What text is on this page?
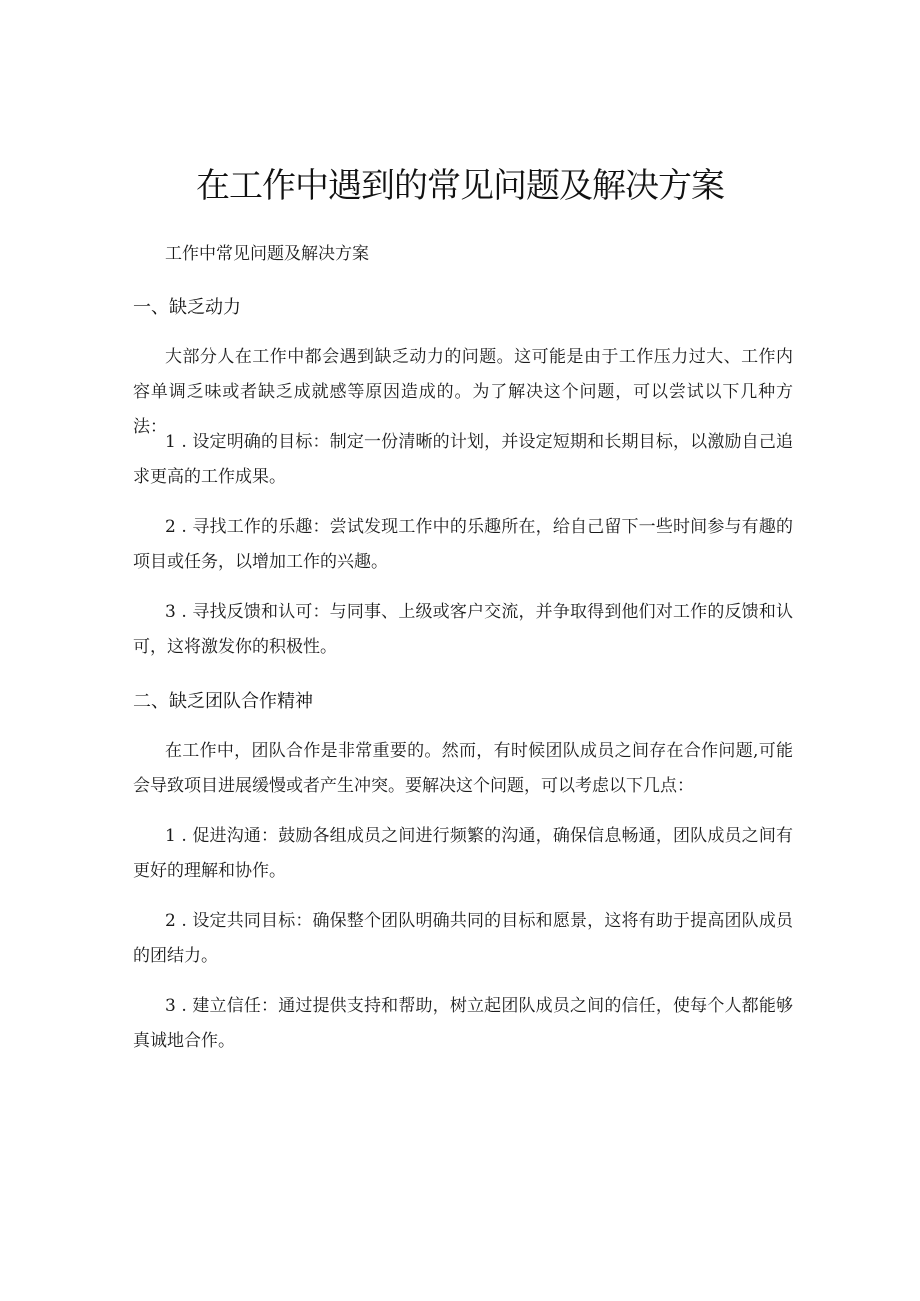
在工作中遇到的常见问题及解决方案

工作中常见问题及解决方案

一、缺乏动力

大部分人在工作中都会遇到缺乏动力的问题。这可能是由于工作压力过大、工作内容单调乏味或者缺乏成就感等原因造成的。为了解决这个问题，可以尝试以下几种方法：

1 . 设定明确的目标：制定一份清晰的计划，并设定短期和长期目标，以激励自己追求更高的工作成果。

2 . 寻找工作的乐趣：尝试发现工作中的乐趣所在，给自己留下一些时间参与有趣的项目或任务，以增加工作的兴趣。

3 . 寻找反馈和认可：与同事、上级或客户交流，并争取得到他们对工作的反馈和认可，这将激发你的积极性。

二、缺乏团队合作精神

在工作中，团队合作是非常重要的。然而，有时候团队成员之间存在合作问题,可能会导致项目进展缓慢或者产生冲突。要解决这个问题，可以考虑以下几点：

1 . 促进沟通：鼓励各组成员之间进行频繁的沟通，确保信息畅通，团队成员之间有更好的理解和协作。

2 . 设定共同目标：确保整个团队明确共同的目标和愿景，这将有助于提高团队成员的团结力。

3 . 建立信任：通过提供支持和帮助，树立起团队成员之间的信任，使每个人都能够真诚地合作。
